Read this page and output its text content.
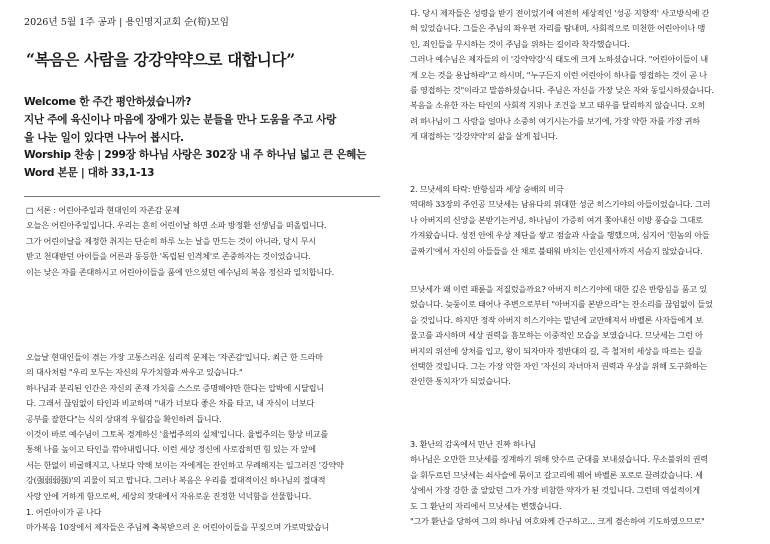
2026년 5월 1주 공과 | 용인명지교회 순(筍)모임
“복음은 사람을 강강약약으로 대합니다”
Welcome 한 주간 평안하셨습니까?
지난 주에 육신이나 마음에 장애가 있는 분들을 만나 도움을 주고 사랑
을 나눈 일이 있다면 나누어 봅시다.
Worship 찬송 | 299장 하나님 사랑은 302장 내 주 하나님 넓고 큰 은혜는
Word 본문 | 대하 33,1-13
□ 서론 : 어린아주일과 현대인의 자존감 문제
오늘은 어린아주일입니다. 우리는 흔히 어린이날 하면 소파 방정환 선생님을 떠올립니다.
그가 어린이날을 제정한 취지는 단순히 하루 노는 날을 만드는 것이 아니라, 당시 무시
받고 천대받던 아이들을 어른과 동등한 '독립된 인격체'로 존중하자는 것이었습니다.
이는 낮은 자를 존대하시고 어린아이들을 품에 안으셨던 예수님의 복음 정신과 일치합니다.
오늘날 현대인들이 겪는 가장 고통스러운 심리적 문제는 '자존감'입니다. 최근 한 드라마
의 대사처럼 "우리 모두는 자신의 무가치함과 싸우고 있습니다."
하나님과 분리된 인간은 자신의 존재 가치를 스스로 증명해야만 한다는 압박에 시달립니
다. 그래서 끊임없이 타인과 비교하며 "내가 너보다 좋은 차를 타고, 내 자식이 너보다
공부를 잘한다"는 식의 상대적 우월감을 확인하려 듭니다.
이것이 바로 예수님이 그토록 경계하신 '율법주의의 실체'입니다. 율법주의는 항상 비교를
통해 나를 높이고 타인을 깎아내립니다. 이런 세상 정신에 사로잡히면 힘 있는 자 앞에
서는 한없이 비굴해지고, 나보다 약해 보이는 자에게는 잔인하고 무례해지는 일그러진 '강약약
강(强弱弱强)'의 괴물이 되고 맙니다. 그러나 복음은 우리를 절대적이신 하나님의 절대적
사랑 안에 거하게 함으로써, 세상의 잣대에서 자유로운 진정한 넉넉함을 선물합니다.
1. 어린아이가 곧 나다
마가복음 10장에서 제자들은 주님께 축복받으러 온 어린아이들을 꾸짖으며 가로막았습니
다. 당시 제자들은 성령을 받기 전이었기에 여전히 세상적인 '성공 지향적' 사고방식에 갇
혀 있었습니다. 그들은 주님의 좌우편 자리를 탐내며, 사회적으로 미천한 어린아이나 맹
인, 죄인들을 무시하는 것이 주님을 위하는 길이라 착각했습니다.
그러나 예수님은 제자들의 이 '강약약강'식 태도에 크게 노하셨습니다. "어린아이들이 내
게 오는 것을 용납하라"고 하시며, "누구든지 이런 어린아이 하나를 영접하는 것이 곧 나
를 영접하는 것"이라고 말씀하셨습니다. 주님은 자신을 가장 낮은 자와 동일시하셨습니다.
복음을 소유한 자는 타인의 사회적 지위나 조건을 보고 태우를 달리하지 않습니다. 오히
려 하나님이 그 사람을 얼마나 소중히 여기시는가를 보기에, 가장 약한 자를 가장 귀하
게 대접하는 '강강약약'의 삶을 살게 됩니다.
2. 므낫세의 타락: 반항심과 세상 숭배의 비극
역대하 33장의 주인공 므낫세는 남유다의 위대한 성군 히스기야의 아들이었습니다. 그러
나 아버지의 신앙을 본받기는커녕, 하나님이 가증히 여겨 쫓아내신 이방 풍습을 그대로
가져왔습니다. 성전 안에 우상 제단을 쌓고 점술과 사술을 행했으며, 심지어 '힌놈의 아들
골짜기'에서 자신의 아들들을 산 채로 불태워 바치는 인신제사까지 서슴지 않았습니다.
므낫세가 왜 이런 패륜을 저질렀을까요? 아버지 히스기야에 대한 깊은 반항심을 품고 있
었습니다. 늦둥이로 태어나 주변으로부터 "아버지를 본받으라"는 잔소리를 끊임없이 들었
을 것입니다. 하지만 정작 아버지 히스기야는 말년에 교만해져서 바벨론 사자들에게 보
물고를 과시하며 세상 권력을 흠모하는 이중적인 모습을 보였습니다. 므낫세는 그런 아
버지의 위선에 상처를 입고, 왕이 되자마자 정반대의 길, 즉 철저히 세상을 따르는 길을
선택한 것입니다. 그는 가장 악한 자인 '자신의 자녀마저 권력과 우상을 위해 도구화하는
잔인한 통치자'가 되었습니다.
3. 환난의 감옥에서 만난 진짜 하나님
하나님은 오만한 므낫세를 징계하기 위해 앗수르 군대를 보내셨습니다. 무소불위의 권력
을 휘두르던 므낫세는 쇠사슬에 묶이고 갈고리에 꿰어 바벨론 포로로 끌려갔습니다. 세
상에서 가장 강한 줄 알았던 그가 가장 비참한 약자가 된 것입니다. 그런데 역설적이게
도 그 환난의 자리에서 므낫세는 변했습니다.
"그가 환난을 당하여 그의 하나님 여호와께 간구하고... 크게 겸손하여 기도하였으므로"
